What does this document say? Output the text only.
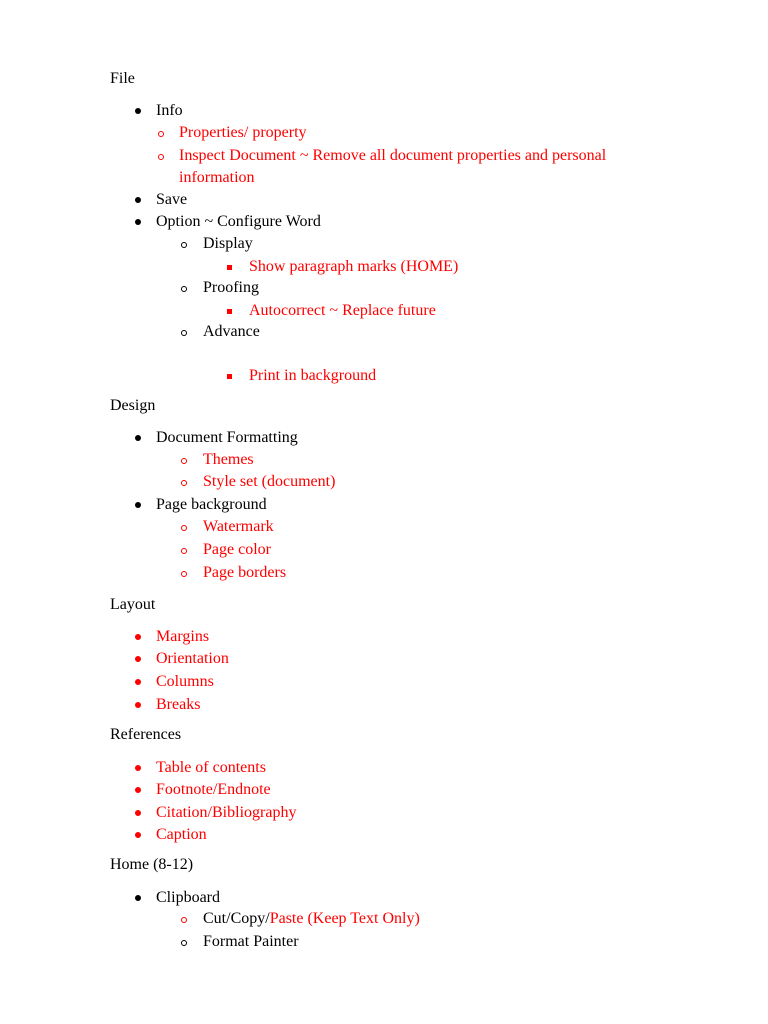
File
Info
Properties/ property
Inspect Document ~ Remove all document properties and personal
information
Save
Option ~ Configure Word
Display
Show paragraph marks (HOME)
Proofing
Autocorrect ~ Replace future
Advance
Print in background
Design
Document Formatting
Themes
Style set (document)
Page background
Watermark
Page color
Page borders
Layout
Margins
Orientation
Columns
Breaks
References
Table of contents
Footnote/Endnote
Citation/Bibliography
Caption
Home (8-12)
Clipboard
Cut/Copy/Paste (Keep Text Only)
Format Painter
